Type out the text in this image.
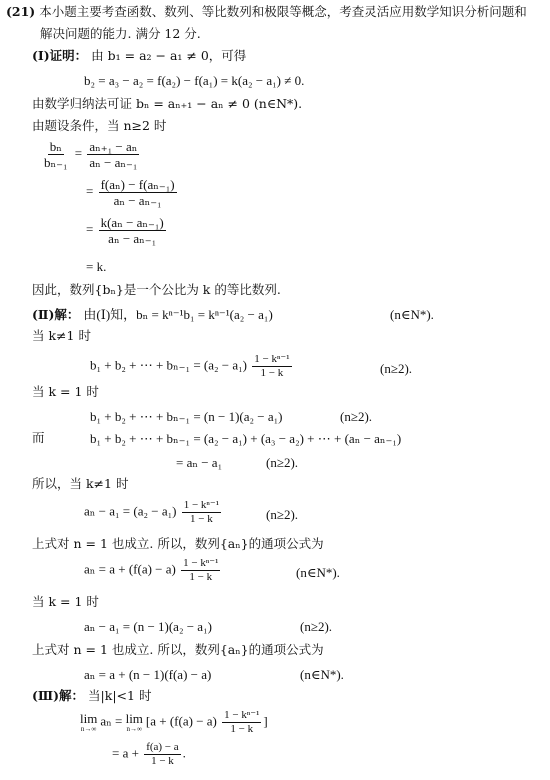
(21) 本小题主要考查函数、数列、等比数列和极限等概念，考查灵活应用数学知识分析问题和
解决问题的能力. 满分 12 分.
(Ⅰ)证明： 由 b₁ = a₂ − a₁ ≠ 0，可得
b₂ = a₃ − a₂ = f(a₂) − f(a₁) = k(a₂ − a₁) ≠ 0.
由数学归纳法可证 bₙ = aₙ₊₁ − aₙ ≠ 0 (n∈N*).
由题设条件，当 n≥2 时
$\frac{\text{bₙ}}{\text{bₙ₋₁}} = \frac{\text{aₙ₊₁ − aₙ}}{\text{aₙ − aₙ₋₁}}$
= $\frac{\text{f(aₙ) − f(aₙ₋₁)}}{\text{aₙ − aₙ₋₁}}$
= $\frac{\text{k(aₙ − aₙ₋₁)}}{\text{aₙ − aₙ₋₁}}$
= k.
因此，数列{bₙ}是一个公比为 k 的等比数列.
(Ⅱ)解： 由(Ⅰ)知，bₙ = kⁿ⁻¹b₁ = kⁿ⁻¹(a₂ − a₁)	(n∈N*).
当 k≠1 时
b₁ + b₂ + ⋯ + $b_{n-1} = (a_2 - a_1) \frac{\text{1 − kⁿ⁻¹}}{1 - k}$	(n≥2).
当 k = 1 时
b₁ + b₂ + ⋯ + bₙ₋₁ = (n − 1)(a₂ − a₁)	(n≥2).
而	b₁ + b₂ + ⋯ + bₙ₋₁ = (a₂ − a₁) + (a₃ − a₂) + ⋯ + (aₙ − aₙ₋₁)
= aₙ − a₁	(n≥2).
所以，当 k≠1 时
$a_n - a_1 = (a_2 - a_1) \frac{\text{1 − kⁿ⁻¹}}{1 - k}$	(n≥2).
上式对 n = 1 也成立. 所以，数列{aₙ}的通项公式为
$a_n = a + (f(a) - a) \frac{\text{1 − kⁿ⁻¹}}{1 - k}$	(n∈N*).
当 k = 1 时
aₙ − a₁ = (n − 1)(a₂ − a₁)	(n≥2).
上式对 n = 1 也成立. 所以，数列{aₙ}的通项公式为
aₙ = a + (n − 1)(f(a) − a)	(n∈N*).
(Ⅲ)解： 当|k|<1 时
lim
n→∞
aₙ = lim
n→∞
[$a + (f(a) - a) \frac{\text{1 − kⁿ⁻¹}}{1 - k}$ ]
= $a + \frac{f(a) - a}{1 - k}$ .
